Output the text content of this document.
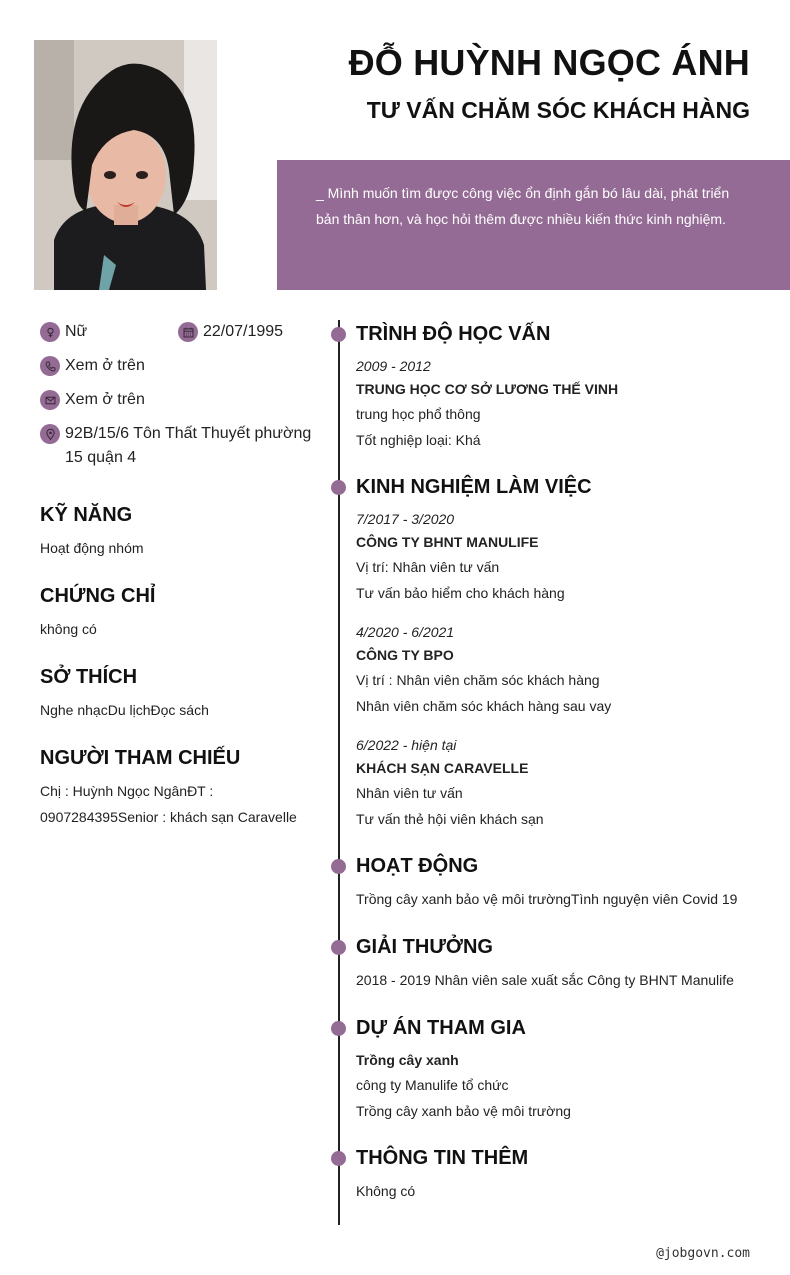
ĐỖ HUỲNH NGỌC ÁNH
TƯ VẤN CHĂM SÓC KHÁCH HÀNG
_ Mình muốn tìm được công việc ổn định gắn bó lâu dài, phát triển bản thân hơn, và học hỏi thêm được nhiều kiến thức kinh nghiệm.
Nữ	22/07/1995
Xem ở trên
Xem ở trên
92B/15/6 Tôn Thất Thuyết phường 15 quận 4
KỸ NĂNG
Hoạt động nhóm
CHỨNG CHỈ
không có
SỞ THÍCH
Nghe nhạcDu lịchĐọc sách
NGƯỜI THAM CHIẾU
Chị : Huỳnh Ngọc NgânĐT : 0907284395Senior : khách sạn Caravelle
TRÌNH ĐỘ HỌC VẤN
2009 - 2012
TRUNG HỌC CƠ SỞ LƯƠNG THẾ VINH
trung học phổ thông
Tốt nghiệp loại: Khá
KINH NGHIỆM LÀM VIỆC
7/2017 - 3/2020
CÔNG TY BHNT MANULIFE
Vị trí: Nhân viên tư vấn
Tư vấn bảo hiểm cho khách hàng
4/2020 - 6/2021
CÔNG TY BPO
Vị trí : Nhân viên chăm sóc khách hàng
Nhân viên chăm sóc khách hàng sau vay
6/2022 - hiện tại
KHÁCH SẠN CARAVELLE
Nhân viên tư vấn
Tư vấn thẻ hội viên khách sạn
HOẠT ĐỘNG
Trồng cây xanh bảo vệ môi trườngTình nguyện viên Covid 19
GIẢI THƯỞNG
2018 - 2019 Nhân viên sale xuất sắc Công ty BHNT Manulife
DỰ ÁN THAM GIA
Trồng cây xanh
công ty Manulife tổ chức
Trồng cây xanh bảo vệ môi trường
THÔNG TIN THÊM
Không có
@jobgovn.com
